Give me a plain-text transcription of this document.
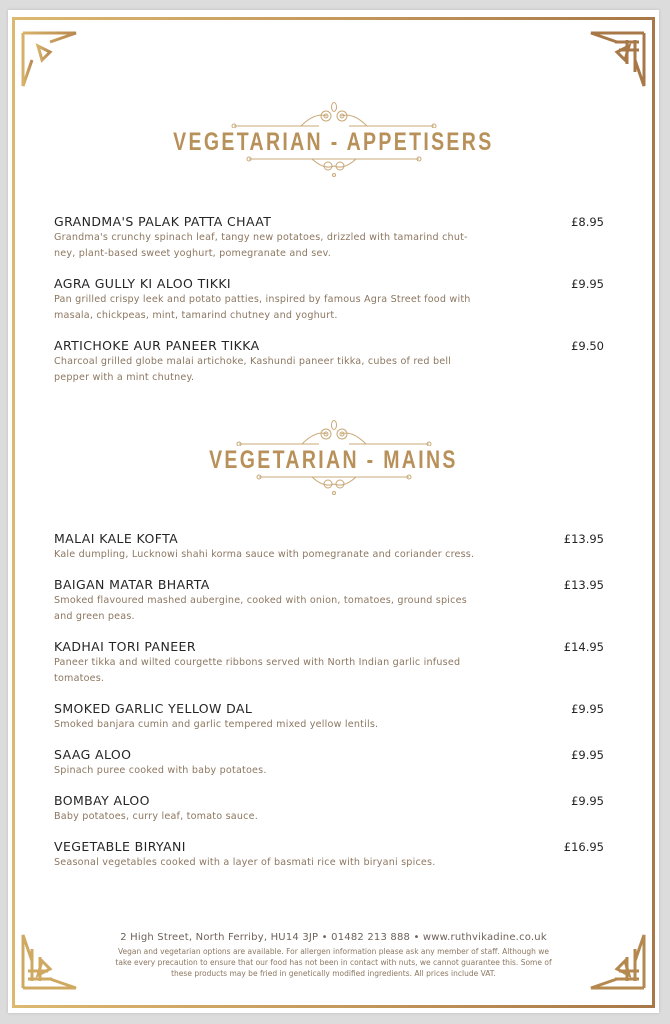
VEGETARIAN - APPETISERS
GRANDMA'S PALAK PATTA CHAAT	£8.95
Grandma's crunchy spinach leaf, tangy new potatoes, drizzled with tamarind chut-
ney, plant-based sweet yoghurt, pomegranate and sev.
AGRA GULLY KI ALOO TIKKI	£9.95
Pan grilled crispy leek and potato patties, inspired by famous Agra Street food with
masala, chickpeas, mint, tamarind chutney and yoghurt.
ARTICHOKE AUR PANEER TIKKA	£9.50
Charcoal grilled globe malai artichoke, Kashundi paneer tikka, cubes of red bell
pepper with a mint chutney.
VEGETARIAN - MAINS
MALAI KALE KOFTA	£13.95
Kale dumpling, Lucknowi shahi korma sauce with pomegranate and coriander cress.
BAIGAN MATAR BHARTA	£13.95
Smoked flavoured mashed aubergine, cooked with onion, tomatoes, ground spices
and green peas.
KADHAI TORI PANEER	£14.95
Paneer tikka and wilted courgette ribbons served with North Indian garlic infused
tomatoes.
SMOKED GARLIC YELLOW DAL	£9.95
Smoked banjara cumin and garlic tempered mixed yellow lentils.
SAAG ALOO	£9.95
Spinach puree cooked with baby potatoes.
BOMBAY ALOO	£9.95
Baby potatoes, curry leaf, tomato sauce.
VEGETABLE BIRYANI	£16.95
Seasonal vegetables cooked with a layer of basmati rice with biryani spices.
2 High Street, North Ferriby, HU14 3JP • 01482 213 888 • www.ruthvikadine.co.uk
Vegan and vegetarian options are available. For allergen information please ask any member of staff. Although we
take every precaution to ensure that our food has not been in contact with nuts, we cannot guarantee this. Some of
these products may be fried in genetically modified ingredients. All prices include VAT.
